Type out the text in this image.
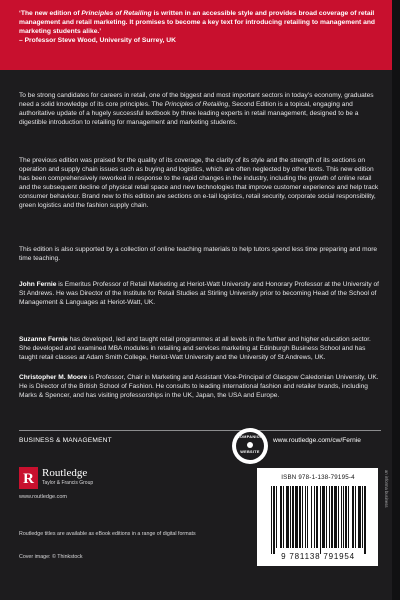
‘The new edition of Principles of Retailing is written in an accessible style and provides broad coverage of retail management and retail marketing. It promises to become a key text for introducing retailing to management and marketing students alike.’
– Professor Steve Wood, University of Surrey, UK
To be strong candidates for careers in retail, one of the biggest and most important sectors in today’s economy, graduates need a solid knowledge of its core principles. The Principles of Retailing, Second Edition is a topical, engaging and authoritative update of a hugely successful textbook by three leading experts in retail management, designed to be a digestible introduction to retailing for management and marketing students.
The previous edition was praised for the quality of its coverage, the clarity of its style and the strength of its sections on operation and supply chain issues such as buying and logistics, which are often neglected by other texts. This new edition has been comprehensively reworked in response to the rapid changes in the industry, including the growth of online retail and the subsequent decline of physical retail space and new technologies that improve customer experience and help track consumer behaviour. Brand new to this edition are sections on e-tail logistics, retail security, corporate social responsibility, green logistics and the fashion supply chain.
This edition is also supported by a collection of online teaching materials to help tutors spend less time preparing and more time teaching.
John Fernie is Emeritus Professor of Retail Marketing at Heriot-Watt University and Honorary Professor at the University of St Andrews. He was Director of the Institute for Retail Studies at Stirling University prior to becoming Head of the School of Management & Languages at Heriot-Watt, UK.
Suzanne Fernie has developed, led and taught retail programmes at all levels in the further and higher education sector. She developed and examined MBA modules in retailing and services marketing at Edinburgh Business School and has taught retail classes at Adam Smith College, Heriot-Watt University and the University of St Andrews, UK.
Christopher M. Moore is Professor, Chair in Marketing and Assistant Vice-Principal of Glasgow Caledonian University, UK. He is Director of the British School of Fashion. He consults to leading international fashion and retailer brands, including Marks & Spencer, and has visiting professorships in the UK, Japan, the USA and Europe.
BUSINESS & MANAGEMENT	COMPANION
WEBSITE
www.routledge.com/cw/Fernie
R Routledge
Taylor & Francis Group
www.routledge.com
Routledge titles are available as eBook editions in a range of digital formats
Cover image: © Thinkstock
ISBN 978-1-138-79195-4
9 781138 791954
an informa business
